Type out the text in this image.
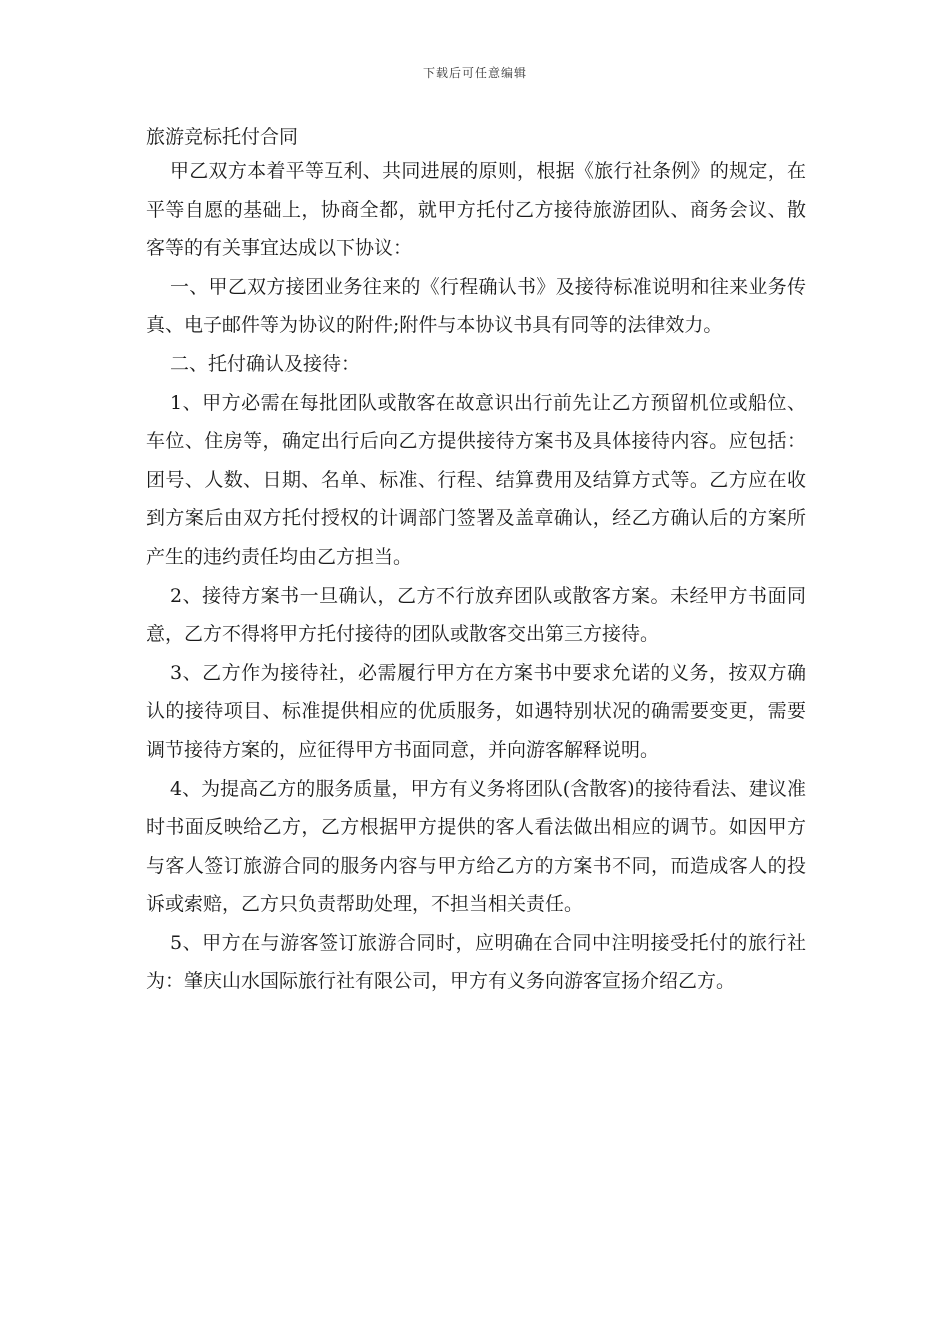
下载后可任意编辑
旅游竞标托付合同

甲乙双方本着平等互利、共同进展的原则，根据《旅行社条例》的规定，在平等自愿的基础上，协商全都，就甲方托付乙方接待旅游团队、商务会议、散客等的有关事宜达成以下协议：

一、甲乙双方接团业务往来的《行程确认书》及接待标准说明和往来业务传真、电子邮件等为协议的附件;附件与本协议书具有同等的法律效力。

二、托付确认及接待：

1、甲方必需在每批团队或散客在故意识出行前先让乙方预留机位或船位、车位、住房等，确定出行后向乙方提供接待方案书及具体接待内容。应包括：团号、人数、日期、名单、标准、行程、结算费用及结算方式等。乙方应在收到方案后由双方托付授权的计调部门签署及盖章确认，经乙方确认后的方案所产生的违约责任均由乙方担当。

2、接待方案书一旦确认，乙方不行放弃团队或散客方案。未经甲方书面同意，乙方不得将甲方托付接待的团队或散客交出第三方接待。

3、乙方作为接待社，必需履行甲方在方案书中要求允诺的义务，按双方确认的接待项目、标准提供相应的优质服务，如遇特别状况的确需要变更，需要调节接待方案的，应征得甲方书面同意，并向游客解释说明。

4、为提高乙方的服务质量，甲方有义务将团队(含散客)的接待看法、建议准时书面反映给乙方，乙方根据甲方提供的客人看法做出相应的调节。如因甲方与客人签订旅游合同的服务内容与甲方给乙方的方案书不同，而造成客人的投诉或索赔，乙方只负责帮助处理，不担当相关责任。

5、甲方在与游客签订旅游合同时，应明确在合同中注明接受托付的旅行社为：肇庆山水国际旅行社有限公司，甲方有义务向游客宣扬介绍乙方。
